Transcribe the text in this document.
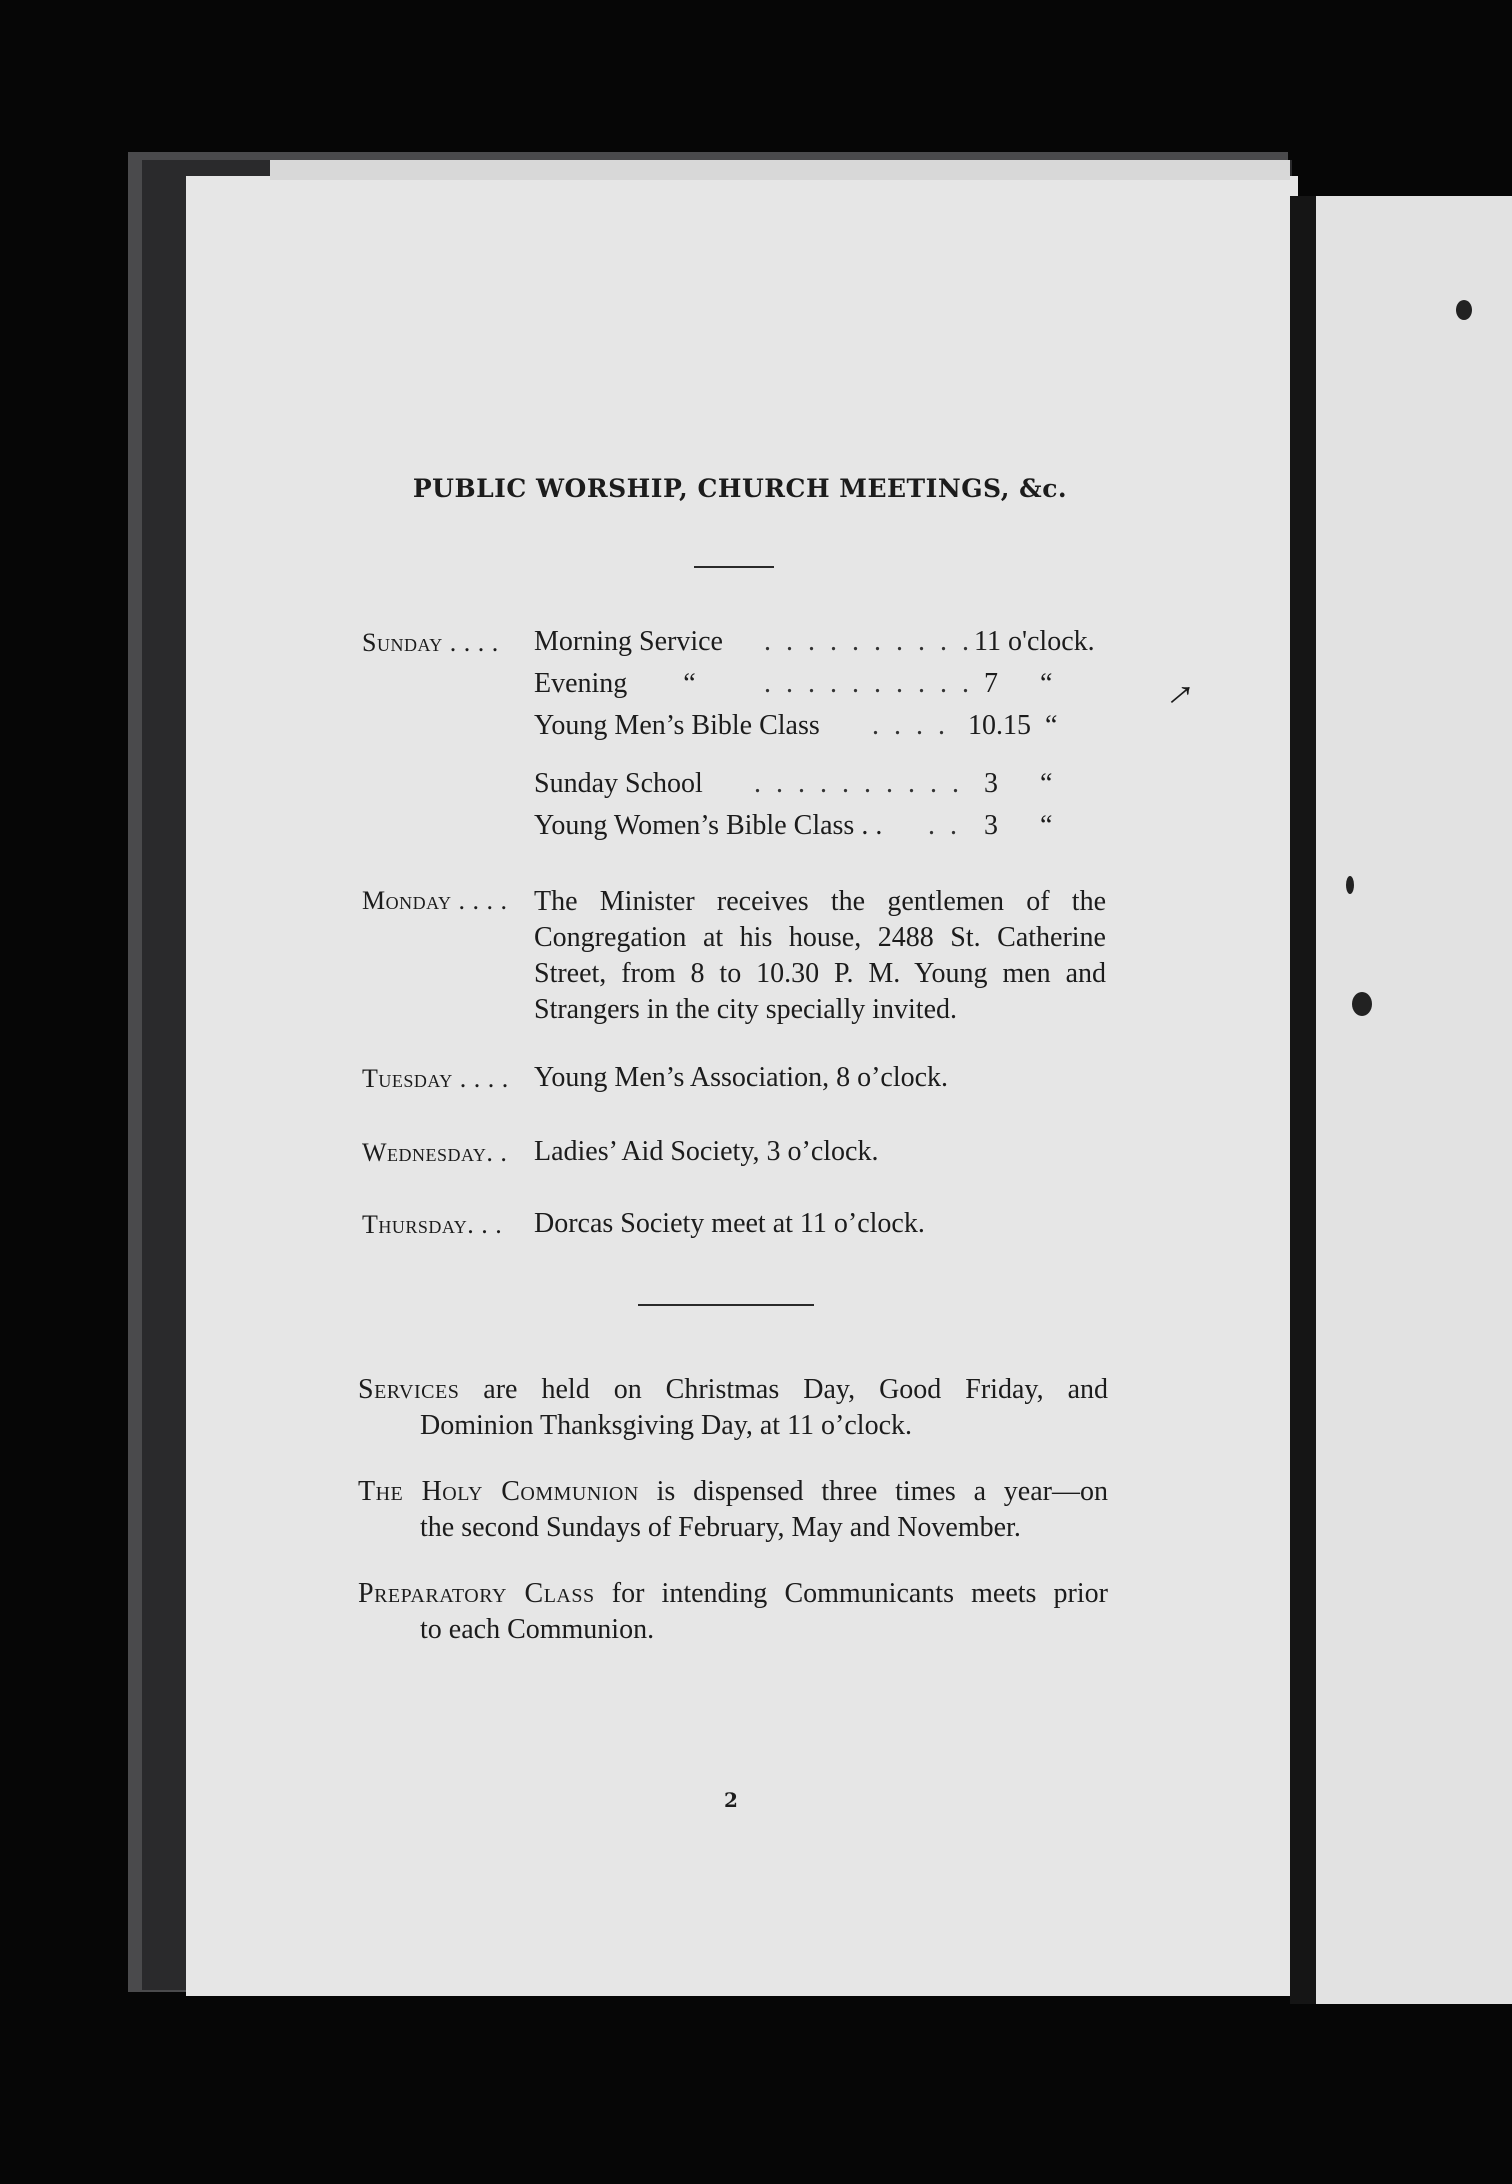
→
PUBLIC WORSHIP, CHURCH MEETINGS, &c.
Sunday . . . . Morning Service . . . . . . . . . . 11 o'clock.
Evening        “ . . . . . . . . . . 7      “
Young Men’s Bible Class . . . . 10.15  “
Sunday School . . . . . . . . . . 3      “
Young Women’s Bible Class . . . . 3      “
Monday . . . . The Minister receives the gentlemen of the
Congregation at his house, 2488 St. Catherine
Street, from 8 to 10.30 P. M. Young men and
Strangers in the city specially invited.
Tuesday . . . . Young Men’s Association, 8 o’clock.
Wednesday. . Ladies’ Aid Society, 3 o’clock.
Thursday. . . Dorcas Society meet at 11 o’clock.
Services are held on Christmas Day, Good Friday, and
Dominion Thanksgiving Day, at 11 o’clock.
The Holy Communion is dispensed three times a year—on
the second Sundays of February, May and November.
Preparatory Class for intending Communicants meets prior
to each Communion.
2
